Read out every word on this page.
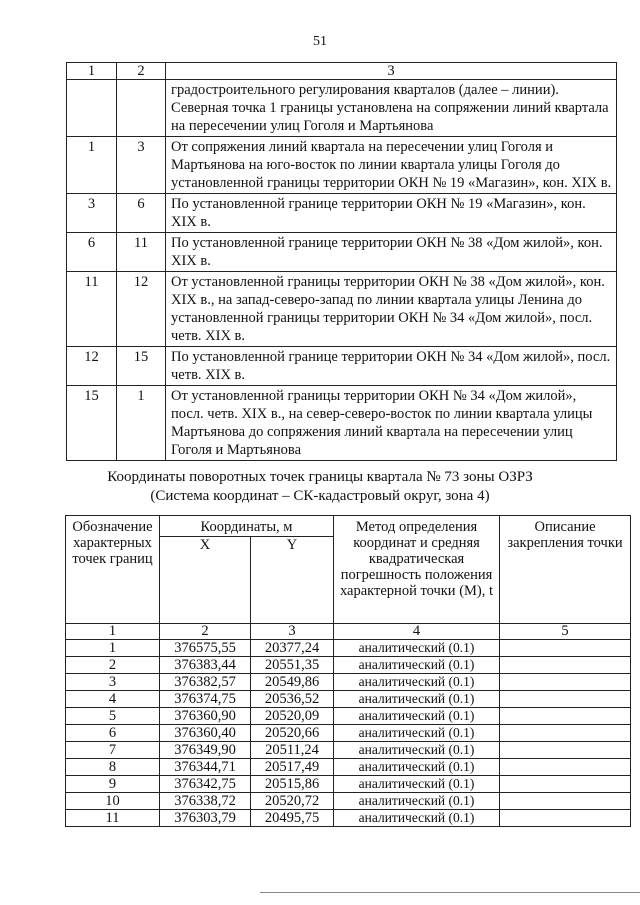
51
1	2	3
		градостроительного регулирования кварталов (далее – линии). Северная точка 1 границы установлена на сопряжении линий квартала на пересечении улиц Гоголя и Мартьянова
1	3	От сопряжения линий квартала на пересечении улиц Гоголя и Мартьянова на юго-восток по линии квартала улицы Гоголя до установленной границы территории ОКН № 19 «Магазин», кон. XIX в.
3	6	По установленной границе территории ОКН № 19 «Магазин», кон. XIX в.
6	11	По установленной границе территории ОКН № 38 «Дом жилой», кон. XIX в.
11	12	От установленной границы территории ОКН № 38 «Дом жилой», кон. XIX в., на запад-северо-запад по линии квартала улицы Ленина до установленной границы территории ОКН № 34 «Дом жилой», посл. четв. XIX в.
12	15	По установленной границе территории ОКН № 34 «Дом жилой», посл. четв. XIX в.
15	1	От установленной границы территории ОКН № 34 «Дом жилой», посл. четв. XIX в., на север-северо-восток по линии квартала улицы Мартьянова до сопряжения линий квартала на пересечении улиц Гоголя и Мартьянова
Координаты поворотных точек границы квартала № 73 зоны ОЗРЗ
(Система координат – СК-кадастровый округ, зона 4)
Обозначение характерных точек границ	Координаты, м		Метод определения координат и средняя квадратическая погрешность положения характерной точки (М), t	Описание закрепления точки
	X	Y		
1	2	3	4	5
1	376575,55	20377,24	аналитический (0.1)	
2	376383,44	20551,35	аналитический (0.1)	
3	376382,57	20549,86	аналитический (0.1)	
4	376374,75	20536,52	аналитический (0.1)	
5	376360,90	20520,09	аналитический (0.1)	
6	376360,40	20520,66	аналитический (0.1)	
7	376349,90	20511,24	аналитический (0.1)	
8	376344,71	20517,49	аналитический (0.1)	
9	376342,75	20515,86	аналитический (0.1)	
10	376338,72	20520,72	аналитический (0.1)	
11	376303,79	20495,75	аналитический (0.1)	
